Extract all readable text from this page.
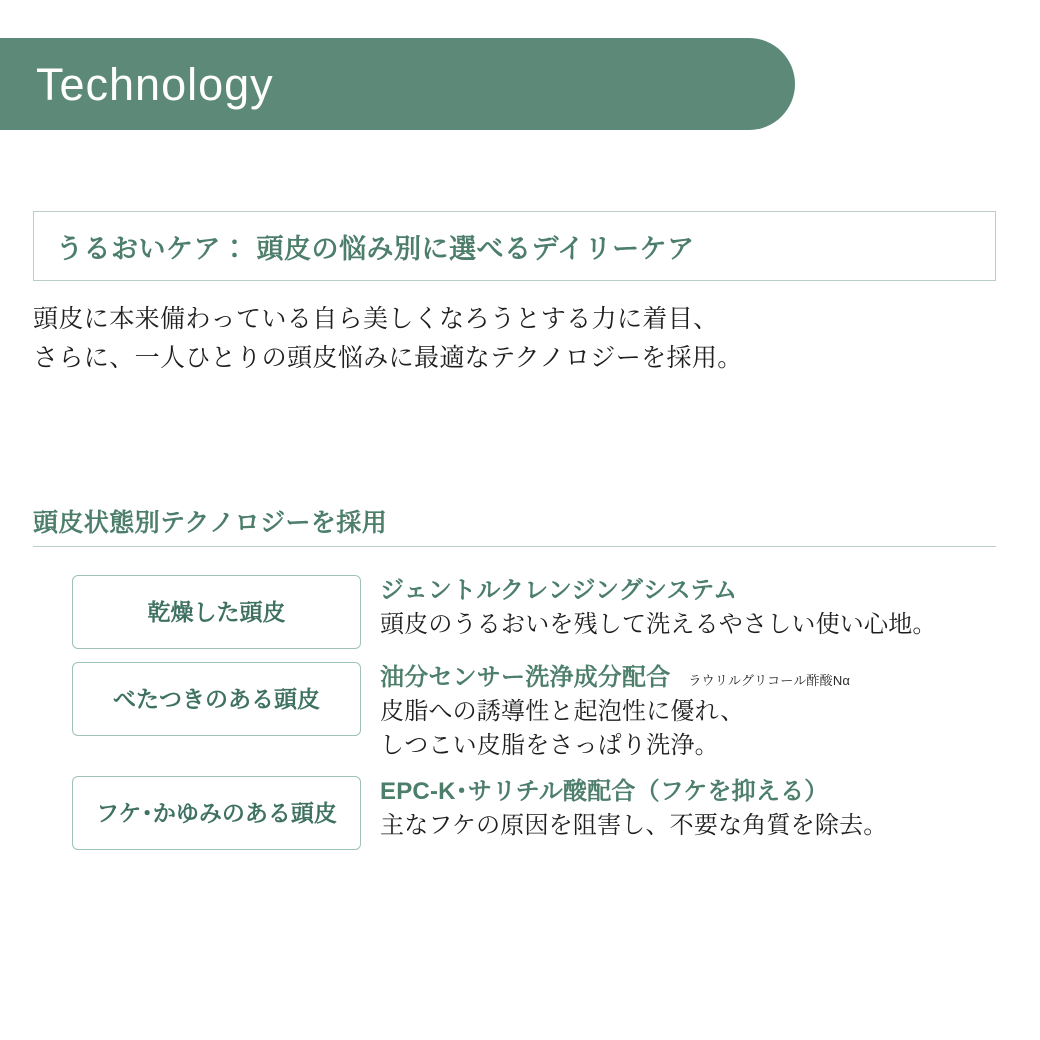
Technology
うるおいケア： 頭皮の悩み別に選べるデイリーケア
頭皮に本来備わっている自ら美しくなろうとする力に着目、
さらに、一人ひとりの頭皮悩みに最適なテクノロジーを採用。
頭皮状態別テクノロジーを採用
乾燥した頭皮
ジェントルクレンジングシステム
頭皮のうるおいを残して洗えるやさしい使い心地。
べたつきのある頭皮
油分センサー洗浄成分配合 ラウリルグリコール酢酸Nα
皮脂への誘導性と起泡性に優れ、
しつこい皮脂をさっぱり洗浄。
フケ･かゆみのある 頭皮
EPC-K･サリチル酸配合（フケを抑える）
主なフケの原因を阻害し、不要な角質を除去。
